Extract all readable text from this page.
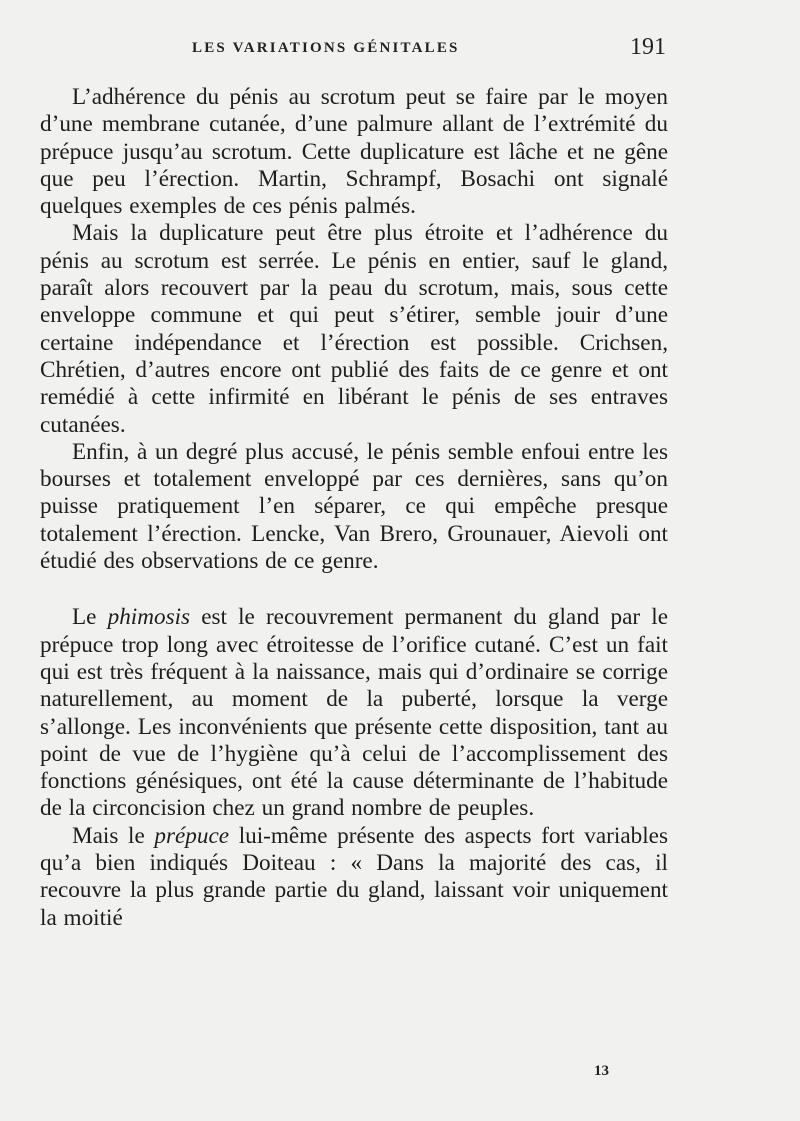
LES VARIATIONS GÉNITALES	191

L’adhérence du pénis au scrotum peut se faire par le moyen d’une membrane cutanée, d’une palmure allant de l’extrémité du prépuce jusqu’au scrotum. Cette duplicature est lâche et ne gêne que peu l’érection. Martin, Schrampf, Bosachi ont signalé quelques exemples de ces pénis palmés.

Mais la duplicature peut être plus étroite et l’adhérence du pénis au scrotum est serrée. Le pénis en entier, sauf le gland, paraît alors recouvert par la peau du scrotum, mais, sous cette enveloppe commune et qui peut s’étirer, semble jouir d’une certaine indépendance et l’érection est possible. Crichsen, Chrétien, d’autres encore ont publié des faits de ce genre et ont remédié à cette infirmité en libérant le pénis de ses entraves cutanées.

Enfin, à un degré plus accusé, le pénis semble enfoui entre les bourses et totalement enveloppé par ces dernières, sans qu’on puisse pratiquement l’en séparer, ce qui empêche presque totalement l’érection. Lencke, Van Brero, Grounauer, Aievoli ont étudié des observations de ce genre.

Le phimosis est le recouvrement permanent du gland par le prépuce trop long avec étroitesse de l’orifice cutané. C’est un fait qui est très fréquent à la naissance, mais qui d’ordinaire se corrige naturellement, au moment de la puberté, lorsque la verge s’allonge. Les inconvénients que présente cette disposition, tant au point de vue de l’hygiène qu’à celui de l’accomplissement des fonctions génésiques, ont été la cause déterminante de l’habitude de la circoncision chez un grand nombre de peuples.

Mais le prépuce lui-même présente des aspects fort variables qu’a bien indiqués Doiteau : « Dans la majorité des cas, il recouvre la plus grande partie du gland, laissant voir uniquement la moitié

13
